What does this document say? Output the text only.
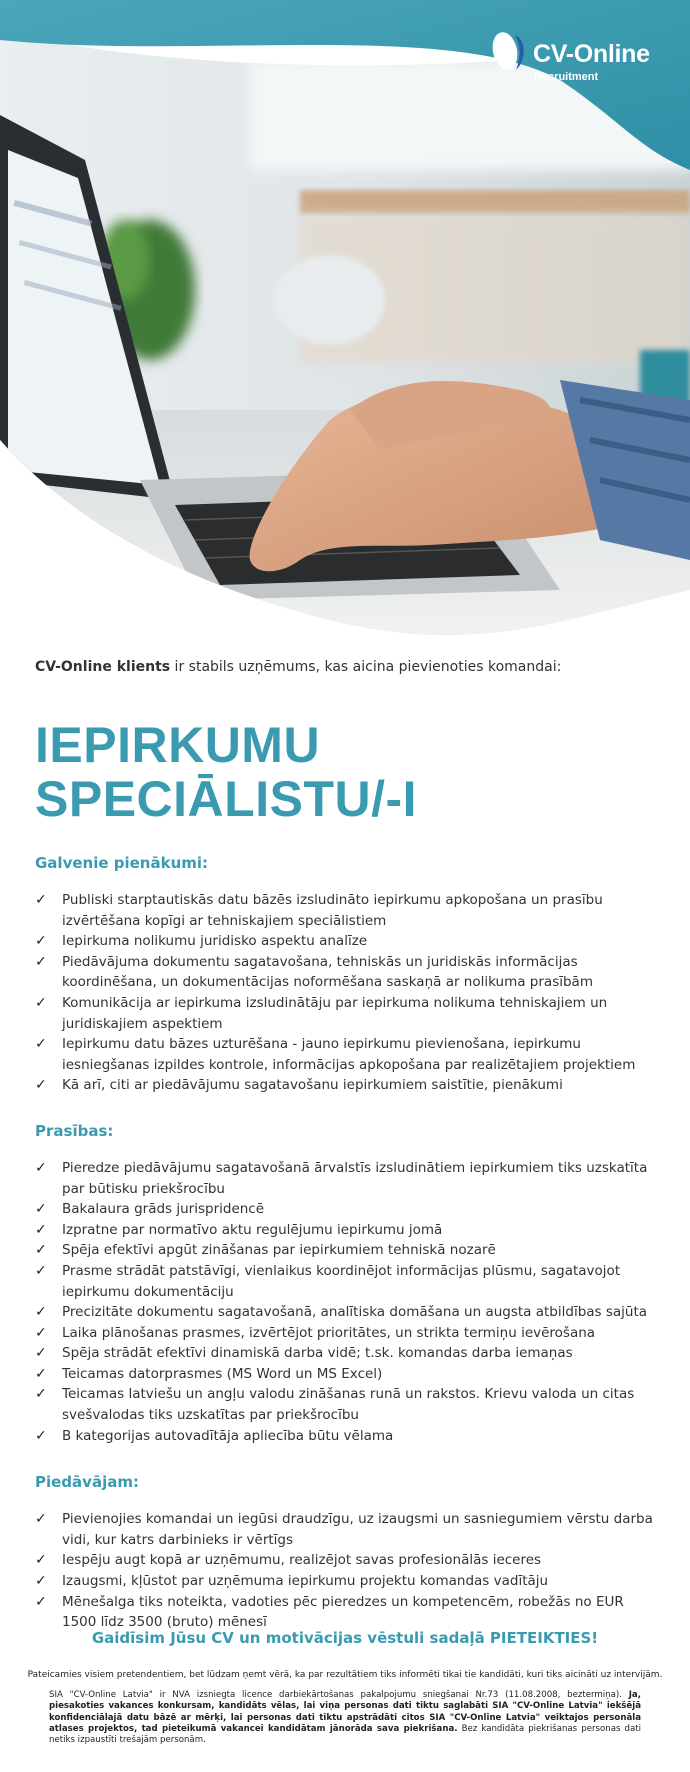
CV-Online
Recruitment

CV-Online klients ir stabils uzņēmums, kas aicina pievienoties komandai:

IEPIRKUMU
SPECIĀLISTU/-I
Galvenie pienākumi:
✓ Publiski starptautiskās datu bāzēs izsludināto iepirkumu apkopošana un prasību izvērtēšana kopīgi ar tehniskajiem speciālistiem
✓ Iepirkuma nolikumu juridisko aspektu analīze
✓ Piedāvājuma dokumentu sagatavošana, tehniskās un juridiskās informācijas koordinēšana, un dokumentācijas noformēšana saskaņā ar nolikuma prasībām
✓ Komunikācija ar iepirkuma izsludinātāju par iepirkuma nolikuma tehniskajiem un juridiskajiem aspektiem
✓ Iepirkumu datu bāzes uzturēšana - jauno iepirkumu pievienošana, iepirkumu iesniegšanas izpildes kontrole, informācijas apkopošana par realizētajiem projektiem
✓ Kā arī, citi ar piedāvājumu sagatavošanu iepirkumiem saistītie, pienākumi
Prasības:
✓ Pieredze piedāvājumu sagatavošanā ārvalstīs izsludinātiem iepirkumiem tiks uzskatīta par būtisku priekšrocību
✓ Bakalaura grāds jurispridencē
✓ Izpratne par normatīvo aktu regulējumu iepirkumu jomā
✓ Spēja efektīvi apgūt zināšanas par iepirkumiem tehniskā nozarē
✓ Prasme strādāt patstāvīgi, vienlaikus koordinējot informācijas plūsmu, sagatavojot iepirkumu dokumentāciju
✓ Precizitāte dokumentu sagatavošanā, analītiska domāšana un augsta atbildības sajūta
✓ Laika plānošanas prasmes, izvērtējot prioritātes, un strikta termiņu ievērošana
✓ Spēja strādāt efektīvi dinamiskā darba vidē; t.sk. komandas darba iemaņas
✓ Teicamas datorprasmes (MS Word un MS Excel)
✓ Teicamas latviešu un angļu valodu zināšanas runā un rakstos. Krievu valoda un citas svešvalodas tiks uzskatītas par priekšrocību
✓ B kategorijas autovadītāja apliecība būtu vēlama
Piedāvājam:
✓ Pievienojies komandai un iegūsi draudzīgu, uz izaugsmi un sasniegumiem vērstu darba vidi, kur katrs darbinieks ir vērtīgs
✓ Iespēju augt kopā ar uzņēmumu, realizējot savas profesionālās ieceres
✓ Izaugsmi, kļūstot par uzņēmuma iepirkumu projektu komandas vadītāju
✓ Mēnešalga tiks noteikta, vadoties pēc pieredzes un kompetencēm, robežās no EUR 1500 līdz 3500 (bruto) mēnesī
Gaidīsim Jūsu CV un motivācijas vēstuli sadaļā PIETEIKTIES!
Pateicamies visiem pretendentiem, bet lūdzam ņemt vērā, ka par rezultātiem tiks informēti tikai tie kandidāti, kuri tiks aicināti uz intervijām.
SIA "CV-Online Latvia" ir NVA izsniegta licence darbiekārtošanas pakalpojumu sniegšanai Nr.73 (11.08.2008, beztermiņa). Ja, piesakoties vakances konkursam, kandidāts vēlas, lai viņa personas dati tiktu saglabāti SIA "CV-Online Latvia" iekšējā konfidenciālajā datu bāzē ar mērķi, lai personas dati tiktu apstrādāti citos SIA "CV-Online Latvia" veiktajos personāla atlases projektos, tad pieteikumā vakancei kandidātam jānorāda sava piekrišana. Bez kandidāta piekrišanas personas dati netiks izpaustīti trešajām personām.
